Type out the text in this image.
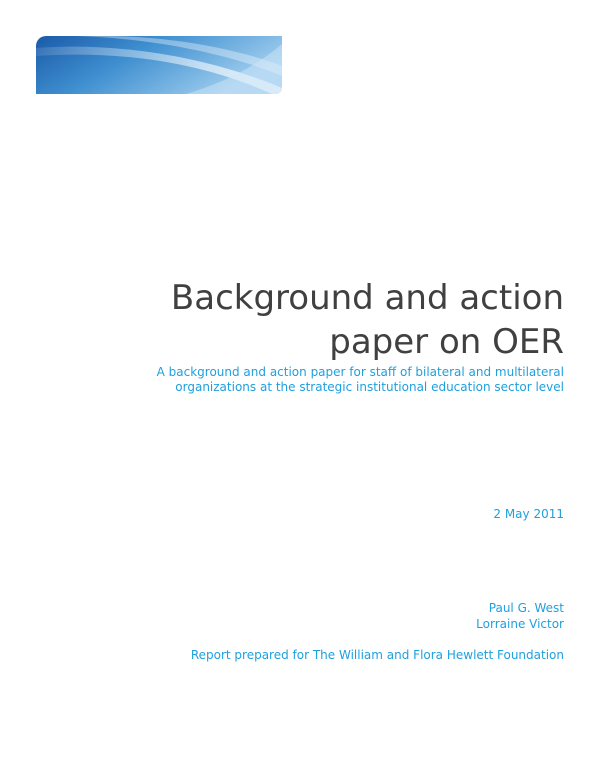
Background and action
paper on OER

A background and action paper for staff of bilateral and multilateral
organizations at the strategic institutional education sector level

2 May 2011
Paul G. West
Lorraine Victor
Report prepared for The William and Flora Hewlett Foundation
